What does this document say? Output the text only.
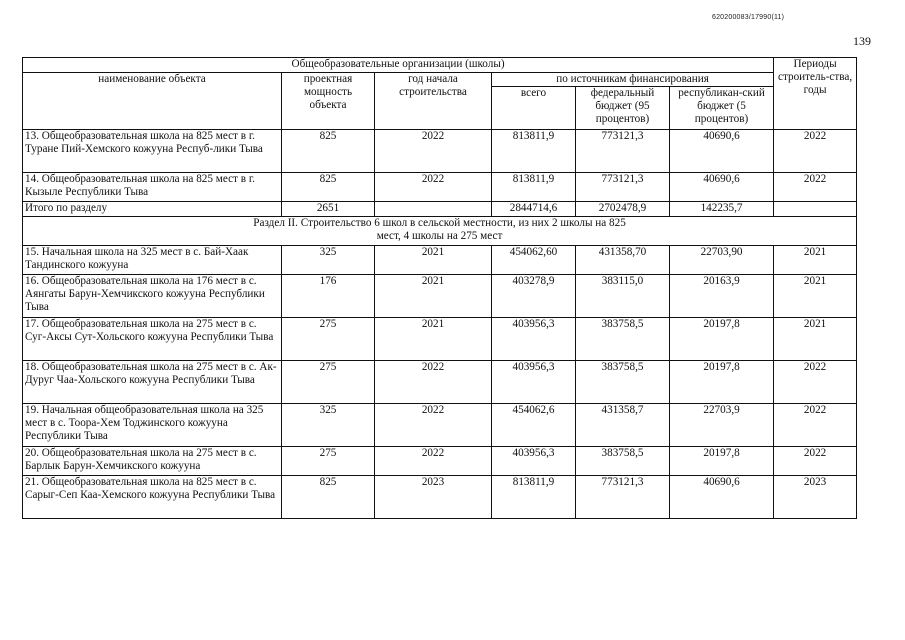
620200083/17990(11)
139
Общеобразовательные организации (школы)						Периоды строитель-ства, годы
наименование объекта	проектная мощность объекта	год начала строительства	по источникам финансирования			
			всего	федеральный бюджет (95 процентов)	республикан-ский бюджет (5 процентов)	
13. Общеобразовательная школа на 825 мест в г. Туране Пий-Хемского кожууна Респуб-лики Тыва	825	2022	813811,9	773121,3	40690,6	2022
14. Общеобразовательная школа на 825 мест в г. Кызыле Республики Тыва	825	2022	813811,9	773121,3	40690,6	2022
Итого по разделу	2651		2844714,6	2702478,9	142235,7	

Раздел II. Строительство 6 школ в сельской местности, из них 2 школы на 825 мест, 4 школы на 275 мест						

15. Начальная школа на 325 мест в с. Бай-Хаак Тандинского кожууна	325	2021	454062,60	431358,70	22703,90	2021
16. Общеобразовательная школа на 176 мест в с. Аянгаты Барун-Хемчикского кожууна Республики Тыва	176	2021	403278,9	383115,0	20163,9	2021
17. Общеобразовательная школа на 275 мест в с. Суг-Аксы Сут-Хольского кожууна Республики Тыва	275	2021	403956,3	383758,5	20197,8	2021
18. Общеобразовательная школа на 275 мест в с. Ак-Дуруг Чаа-Хольского кожууна Республики Тыва	275	2022	403956,3	383758,5	20197,8	2022
19. Начальная общеобразовательная школа на 325 мест в с. Тоора-Хем Тоджинского кожууна Республики Тыва	325	2022	454062,6	431358,7	22703,9	2022
20. Общеобразовательная школа на 275 мест в с. Барлык Барун-Хемчикского кожууна	275	2022	403956,3	383758,5	20197,8	2022
21. Общеобразовательная школа на 825 мест в с. Сарыг-Сеп Каа-Хемского кожууна Республики Тыва	825	2023	813811,9	773121,3	40690,6	2023
